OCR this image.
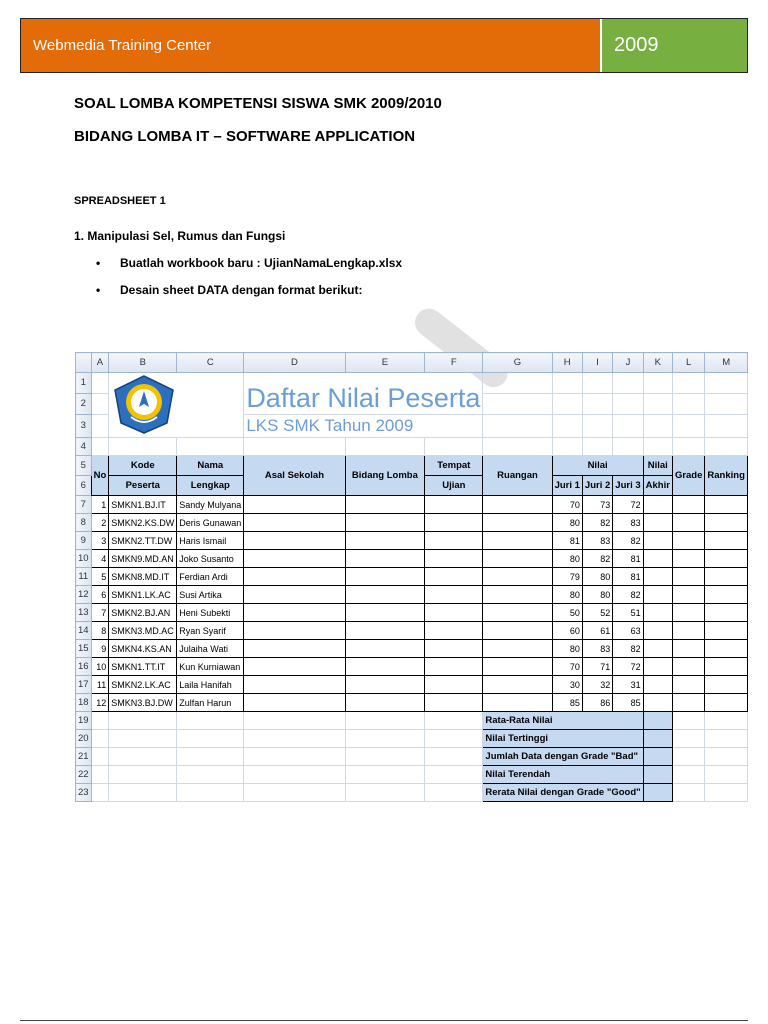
Webmedia Training Center	2009
SOAL LOMBA KOMPETENSI SISWA SMK 2009/2010
BIDANG LOMBA IT – SOFTWARE APPLICATION
SPREADSHEET 1
1. Manipulasi Sel, Rumus dan Fungsi
• Buatlah workbook baru : UjianNamaLengkap.xlsx
• Desain sheet DATA dengan format berikut:
	A	B	C	D	E	F	G	H	I	J	K	L	M
1				Daftar Nilai Peserta									
2													
3				LKS SMK Tahun 2009									
4													
5	No	Kode	Nama	Asal Sekolah	Bidang Lomba	Tempat	Ruangan	Nilai			Nilai	Grade	Ranking
6		Peserta	Lengkap			Ujian		Juri 1	Juri 2	Juri 3	Akhir		
7	1	SMKN1.BJ.IT	Sandy Mulyana					70	73	72			
8	2	SMKN2.KS.DW	Deris Gunawan					80	82	83			
9	3	SMKN2.TT.DW	Haris Ismail					81	83	82			
10	4	SMKN9.MD.AN	Joko Susanto					80	82	81			
11	5	SMKN8.MD.IT	Ferdian Ardi					79	80	81			
12	6	SMKN1.LK.AC	Susi Artika					80	80	82			
13	7	SMKN2.BJ.AN	Heni Subekti					50	52	51			
14	8	SMKN3.MD.AC	Ryan Syarif					60	61	63			
15	9	SMKN4.KS.AN	Julaiha Wati					80	83	82			
16	10	SMKN1.TT.IT	Kun Kurniawan					70	71	72			
17	11	SMKN2.LK.AC	Laila Hanifah					30	32	31			
18	12	SMKN3.BJ.DW	Zulfan Harun					85	86	85			
19							Rata-Rata Nilai						
20							Nilai Tertinggi						
21							Jumlah Data dengan Grade "Bad"						
22							Nilai Terendah						
23							Rerata Nilai dengan Grade "Good"						
